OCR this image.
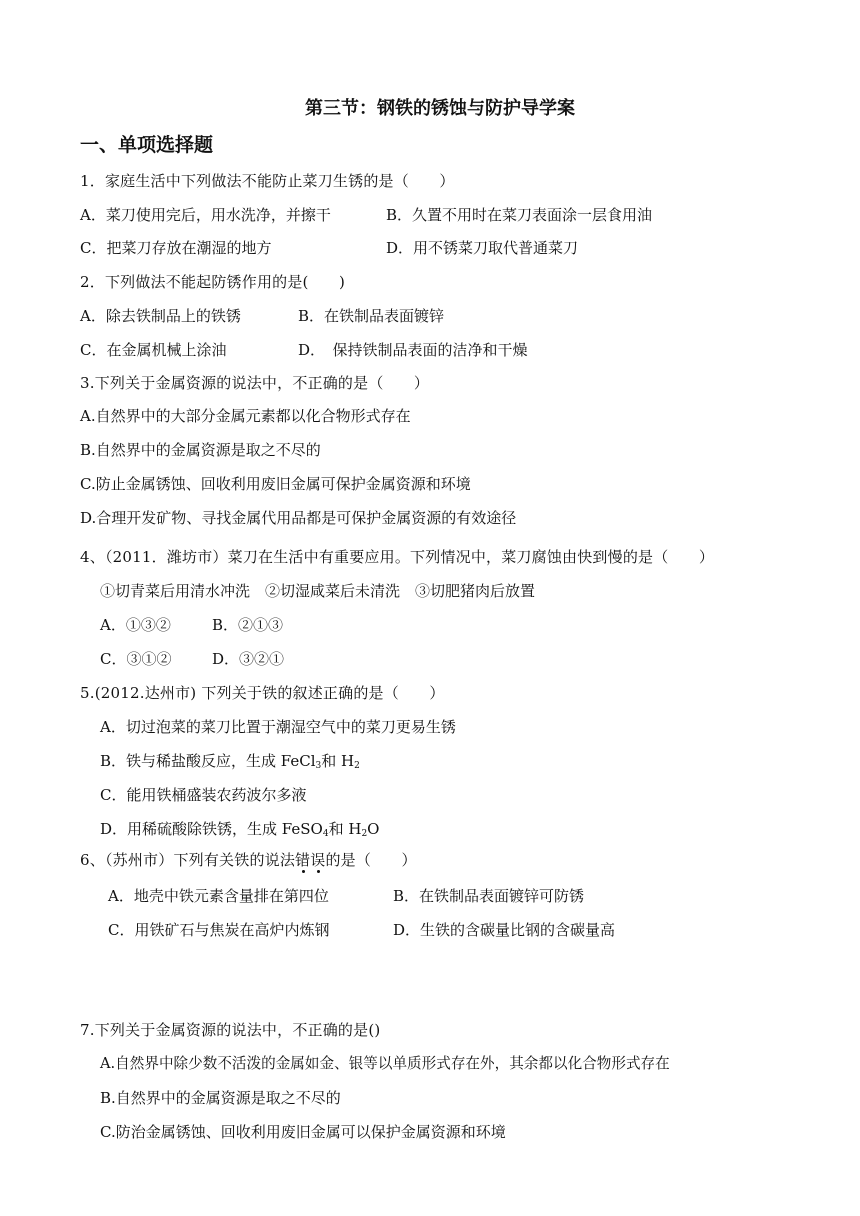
第三节：钢铁的锈蚀与防护导学案
一、单项选择题
1．家庭生活中下列做法不能防止菜刀生锈的是（　　）
A．菜刀使用完后，用水洗净，并擦干	B．久置不用时在菜刀表面涂一层食用油
C．把菜刀存放在潮湿的地方	D．用不锈菜刀取代普通菜刀
2．下列做法不能起防锈作用的是(　　)
A．除去铁制品上的铁锈	B．在铁制品表面镀锌
C．在金属机械上涂油	D．　保持铁制品表面的洁净和干燥
3.下列关于金属资源的说法中，不正确的是（　　）
A.自然界中的大部分金属元素都以化合物形式存在
B.自然界中的金属资源是取之不尽的
C.防止金属锈蚀、回收利用废旧金属可保护金属资源和环境
D.合理开发矿物、寻找金属代用品都是可保护金属资源的有效途径
4、（2011．潍坊市）菜刀在生活中有重要应用。下列情况中，菜刀腐蚀由快到慢的是（　　）
①切青菜后用清水冲洗　②切湿咸菜后未清洗　③切肥猪肉后放置
A．①③②	B．②①③
C．③①②	D．③②①
5.(2012.达州市) 下列关于铁的叙述正确的是（　　）
A．切过泡菜的菜刀比置于潮湿空气中的菜刀更易生锈
B．铁与稀盐酸反应，生成 FeCl$_3$和 $H_2$
C．能用铁桶盛装农药波尔多液
D．用稀硫酸除铁锈，生成 FeSO$_4$和 $H_2O$
6、（苏州市）下列有关铁的说法错误的是（　　）
A．地壳中铁元素含量排在第四位	B．在铁制品表面镀锌可防锈
C．用铁矿石与焦炭在高炉内炼钢	D．生铁的含碳量比钢的含碳量高
7.下列关于金属资源的说法中，不正确的是()
A.自然界中除少数不活泼的金属如金、银等以单质形式存在外，其余都以化合物形式存在
B.自然界中的金属资源是取之不尽的
C.防治金属锈蚀、回收利用废旧金属可以保护金属资源和环境
